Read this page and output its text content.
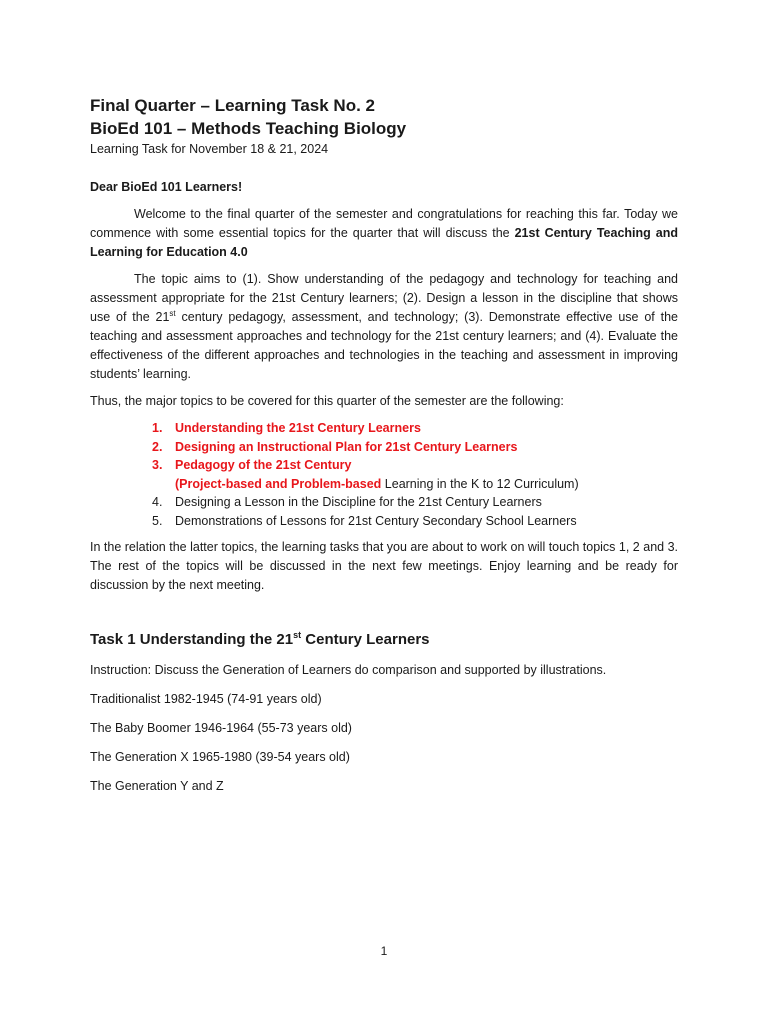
Final Quarter – Learning Task No. 2
BioEd 101 – Methods Teaching Biology
Learning Task for November 18 & 21, 2024

Dear BioEd 101 Learners!

Welcome to the final quarter of the semester and congratulations for reaching this far. Today we commence with some essential topics for the quarter that will discuss the 21st Century Teaching and Learning for Education 4.0

The topic aims to (1). Show understanding of the pedagogy and technology for teaching and assessment appropriate for the 21st Century learners; (2). Design a lesson in the discipline that shows use of the 21st century pedagogy, assessment, and technology; (3). Demonstrate effective use of the teaching and assessment approaches and technology for the 21st century learners; and (4). Evaluate the effectiveness of the different approaches and technologies in the teaching and assessment in improving students’ learning.

Thus, the major topics to be covered for this quarter of the semester are the following:

1. Understanding the 21st Century Learners
2. Designing an Instructional Plan for 21st Century Learners
3. Pedagogy of the 21st Century
(Project-based and Problem-based Learning in the K to 12 Curriculum)
4. Designing a Lesson in the Discipline for the 21st Century Learners
5. Demonstrations of Lessons for 21st Century Secondary School Learners

In the relation the latter topics, the learning tasks that you are about to work on will touch topics 1, 2 and 3. The rest of the topics will be discussed in the next few meetings. Enjoy learning and be ready for discussion by the next meeting.

Task 1 Understanding the 21st Century Learners
Instruction: Discuss the Generation of Learners do comparison and supported by illustrations.
Traditionalist 1982-1945 (74-91 years old)
The Baby Boomer 1946-1964 (55-73 years old)
The Generation X 1965-1980 (39-54 years old)
The Generation Y and Z
1
